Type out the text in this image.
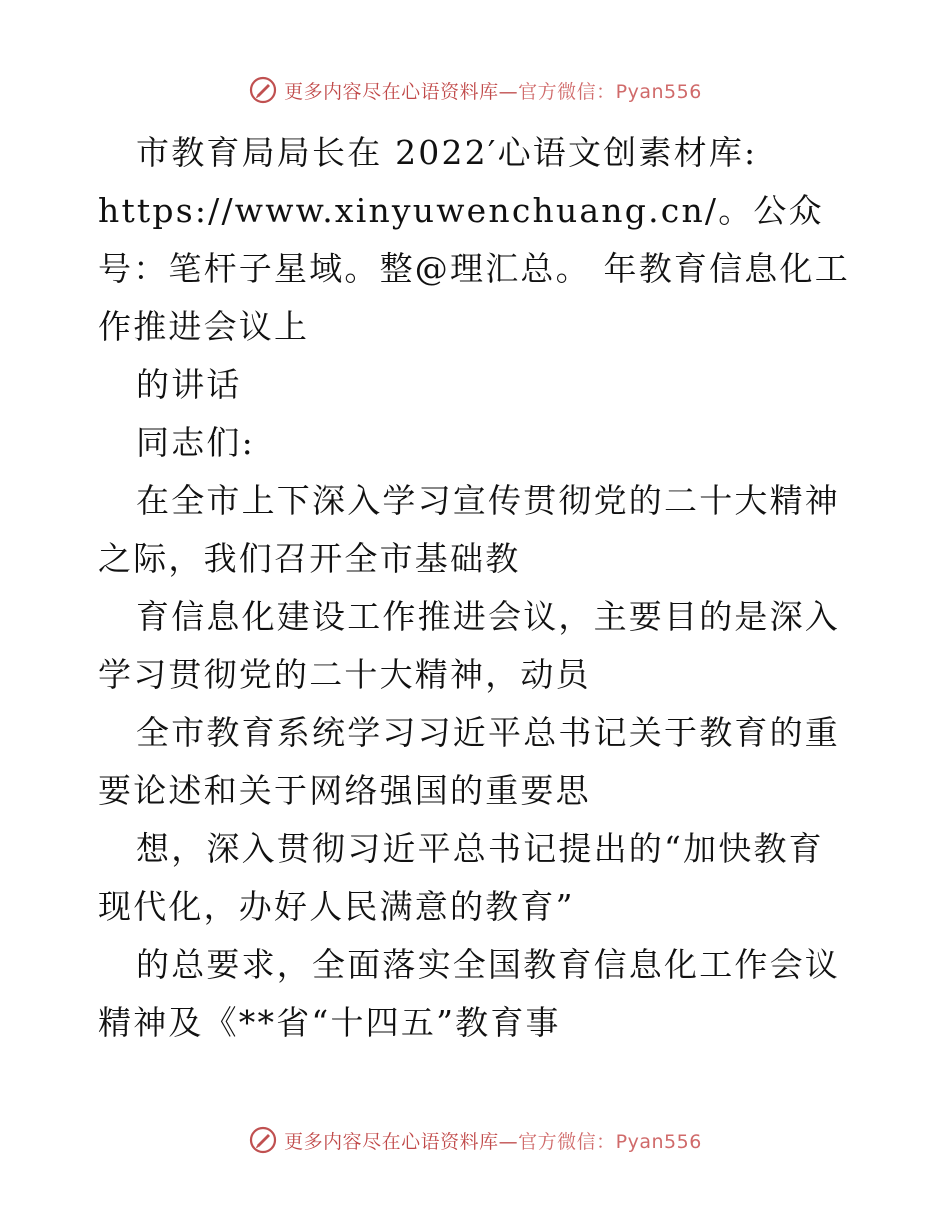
更多内容尽在心语资料库—官方微信：Pyan556

市教育局局长在 2022′心语文创素材库:

https://www.xinyuwenchuang.cn/。公众号：笔杆子星域。整@理汇总。 年教育信息化工作推进会议上

的讲话

同志们:

在全市上下深入学习宣传贯彻党的二十大精神之际，我们召开全市基础教

育信息化建设工作推进会议，主要目的是深入学习贯彻党的二十大精神，动员

全市教育系统学习习近平总书记关于教育的重要论述和关于网络强国的重要思

想，深入贯彻习近平总书记提出的“加快教育现代化，办好人民满意的教育”

的总要求，全面落实全国教育信息化工作会议精神及《**省“十四五”教育事

更多内容尽在心语资料库—官方微信：Pyan556
